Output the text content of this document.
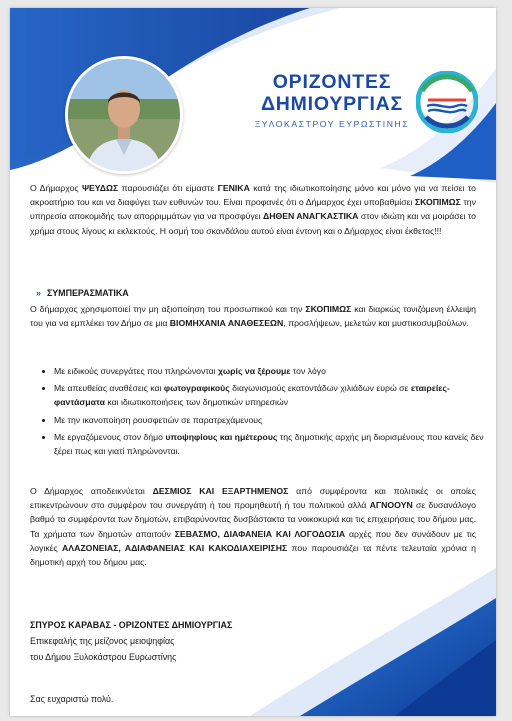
ΟΡΙΖΟΝΤΕΣ
ΔΗΜΙΟΥΡΓΙΑΣ
ΞΥΛΟΚΑΣΤΡΟΥ ΕΥΡΩΣΤΙΝΗΣ

Ο Δήμαρχος ΨΕΥΔΩΣ παρουσιάζει ότι είμαστε ΓΕΝΙΚΑ κατά της ιδιωτικοποίησης μόνο και μόνο για να πείσει το ακροατήριο του και να διαφύγει των ευθυνών του. Είναι προφανές ότι ο Δήμαρχος έχει υποβαθμίσει ΣΚΟΠΙΜΩΣ την υπηρεσία αποκομιδής των απορριμμάτων για να προσφύγει ΔΗΘΕΝ ΑΝΑΓΚΑΣΤΙΚΑ στον ιδιώτη και να μοιράσει το χρήμα στους λίγους κι εκλεκτούς. Η οσμή του σκανδάλου αυτού είναι έντονη και ο Δήμαρχος είναι έκθετος!!!

» ΣΥΜΠΕΡΑΣΜΑΤΙΚΑ

Ο δήμαρχος χρησιμοποιεί την μη αξιοποίηση του προσωπικού και την ΣΚΟΠΙΜΩΣ και διαρκώς τονιζόμενη έλλειψη του για να εμπλέκει τον Δήμο σε μια ΒΙΟΜΗΧΑΝΙΑ ΑΝΑΘΕΣΕΩΝ, προσλήψεων, μελετών και μυστικοσυμβούλων.

• Με ειδικούς συνεργάτες που πληρώνονται χωρίς να ξέρουμε τον λόγο
• Με απευθείας αναθέσεις και φωτογραφικούς διαγωνισμούς εκατοντάδων χιλιάδων ευρώ σε εταιρείες-φαντάσματα και ιδιωτικοποιήσεις των δημοτικών υπηρεσιών
• Με την ικανοποίηση ρουσφετιών σε παρατρεχάμενους
• Με εργαζόμενους στον δήμο υποψηφίους και ημέτερους της δημοτικής αρχής μη διορισμένους που κανείς δεν ξέρει πως και γιατί πληρώνονται.

Ο Δήμαρχος αποδεικνύεται ΔΕΣΜΙΟΣ ΚΑΙ ΕΞΑΡΤΗΜΕΝΟΣ από συμφέροντα και πολιτικές οι οποίες επικεντρώνουν στο συμφέρον του συνεργάτη ή του προμηθευτή ή του πολιτικού αλλά ΑΓΝΟΟΥΝ σε δυσανάλογο βαθμό τα συμφέροντα των δημοτών, επιβαρύνοντας δυσβάστακτα τα νοικοκυριά και τις επιχειρήσεις του δήμου μας. Τα χρήματα των δημοτών απαιτούν ΣΕΒΑΣΜΟ, ΔΙΑΦΑΝΕΙΑ ΚΑΙ ΛΟΓΟΔΟΣΙΑ αρχές που δεν συνάδουν με τις λογικές ΑΛΑΖΟΝΕΙΑΣ, ΑΔΙΑΦΑΝΕΙΑΣ ΚΑΙ ΚΑΚΟΔΙΑΧΕΙΡΙΣΗΣ που παρουσιάζει τα πέντε τελευταία χρόνια η δημοτική αρχή του δήμου μας.

ΣΠΥΡΟΣ ΚΑΡΑΒΑΣ - ΟΡΙΖΟΝΤΕΣ ΔΗΜΙΟΥΡΓΙΑΣ
Επικεφαλής της μείζονος μειοψηφίας
του Δήμου Ξυλοκάστρου Ευρωστίνης
Σας ευχαριστώ πολύ.
